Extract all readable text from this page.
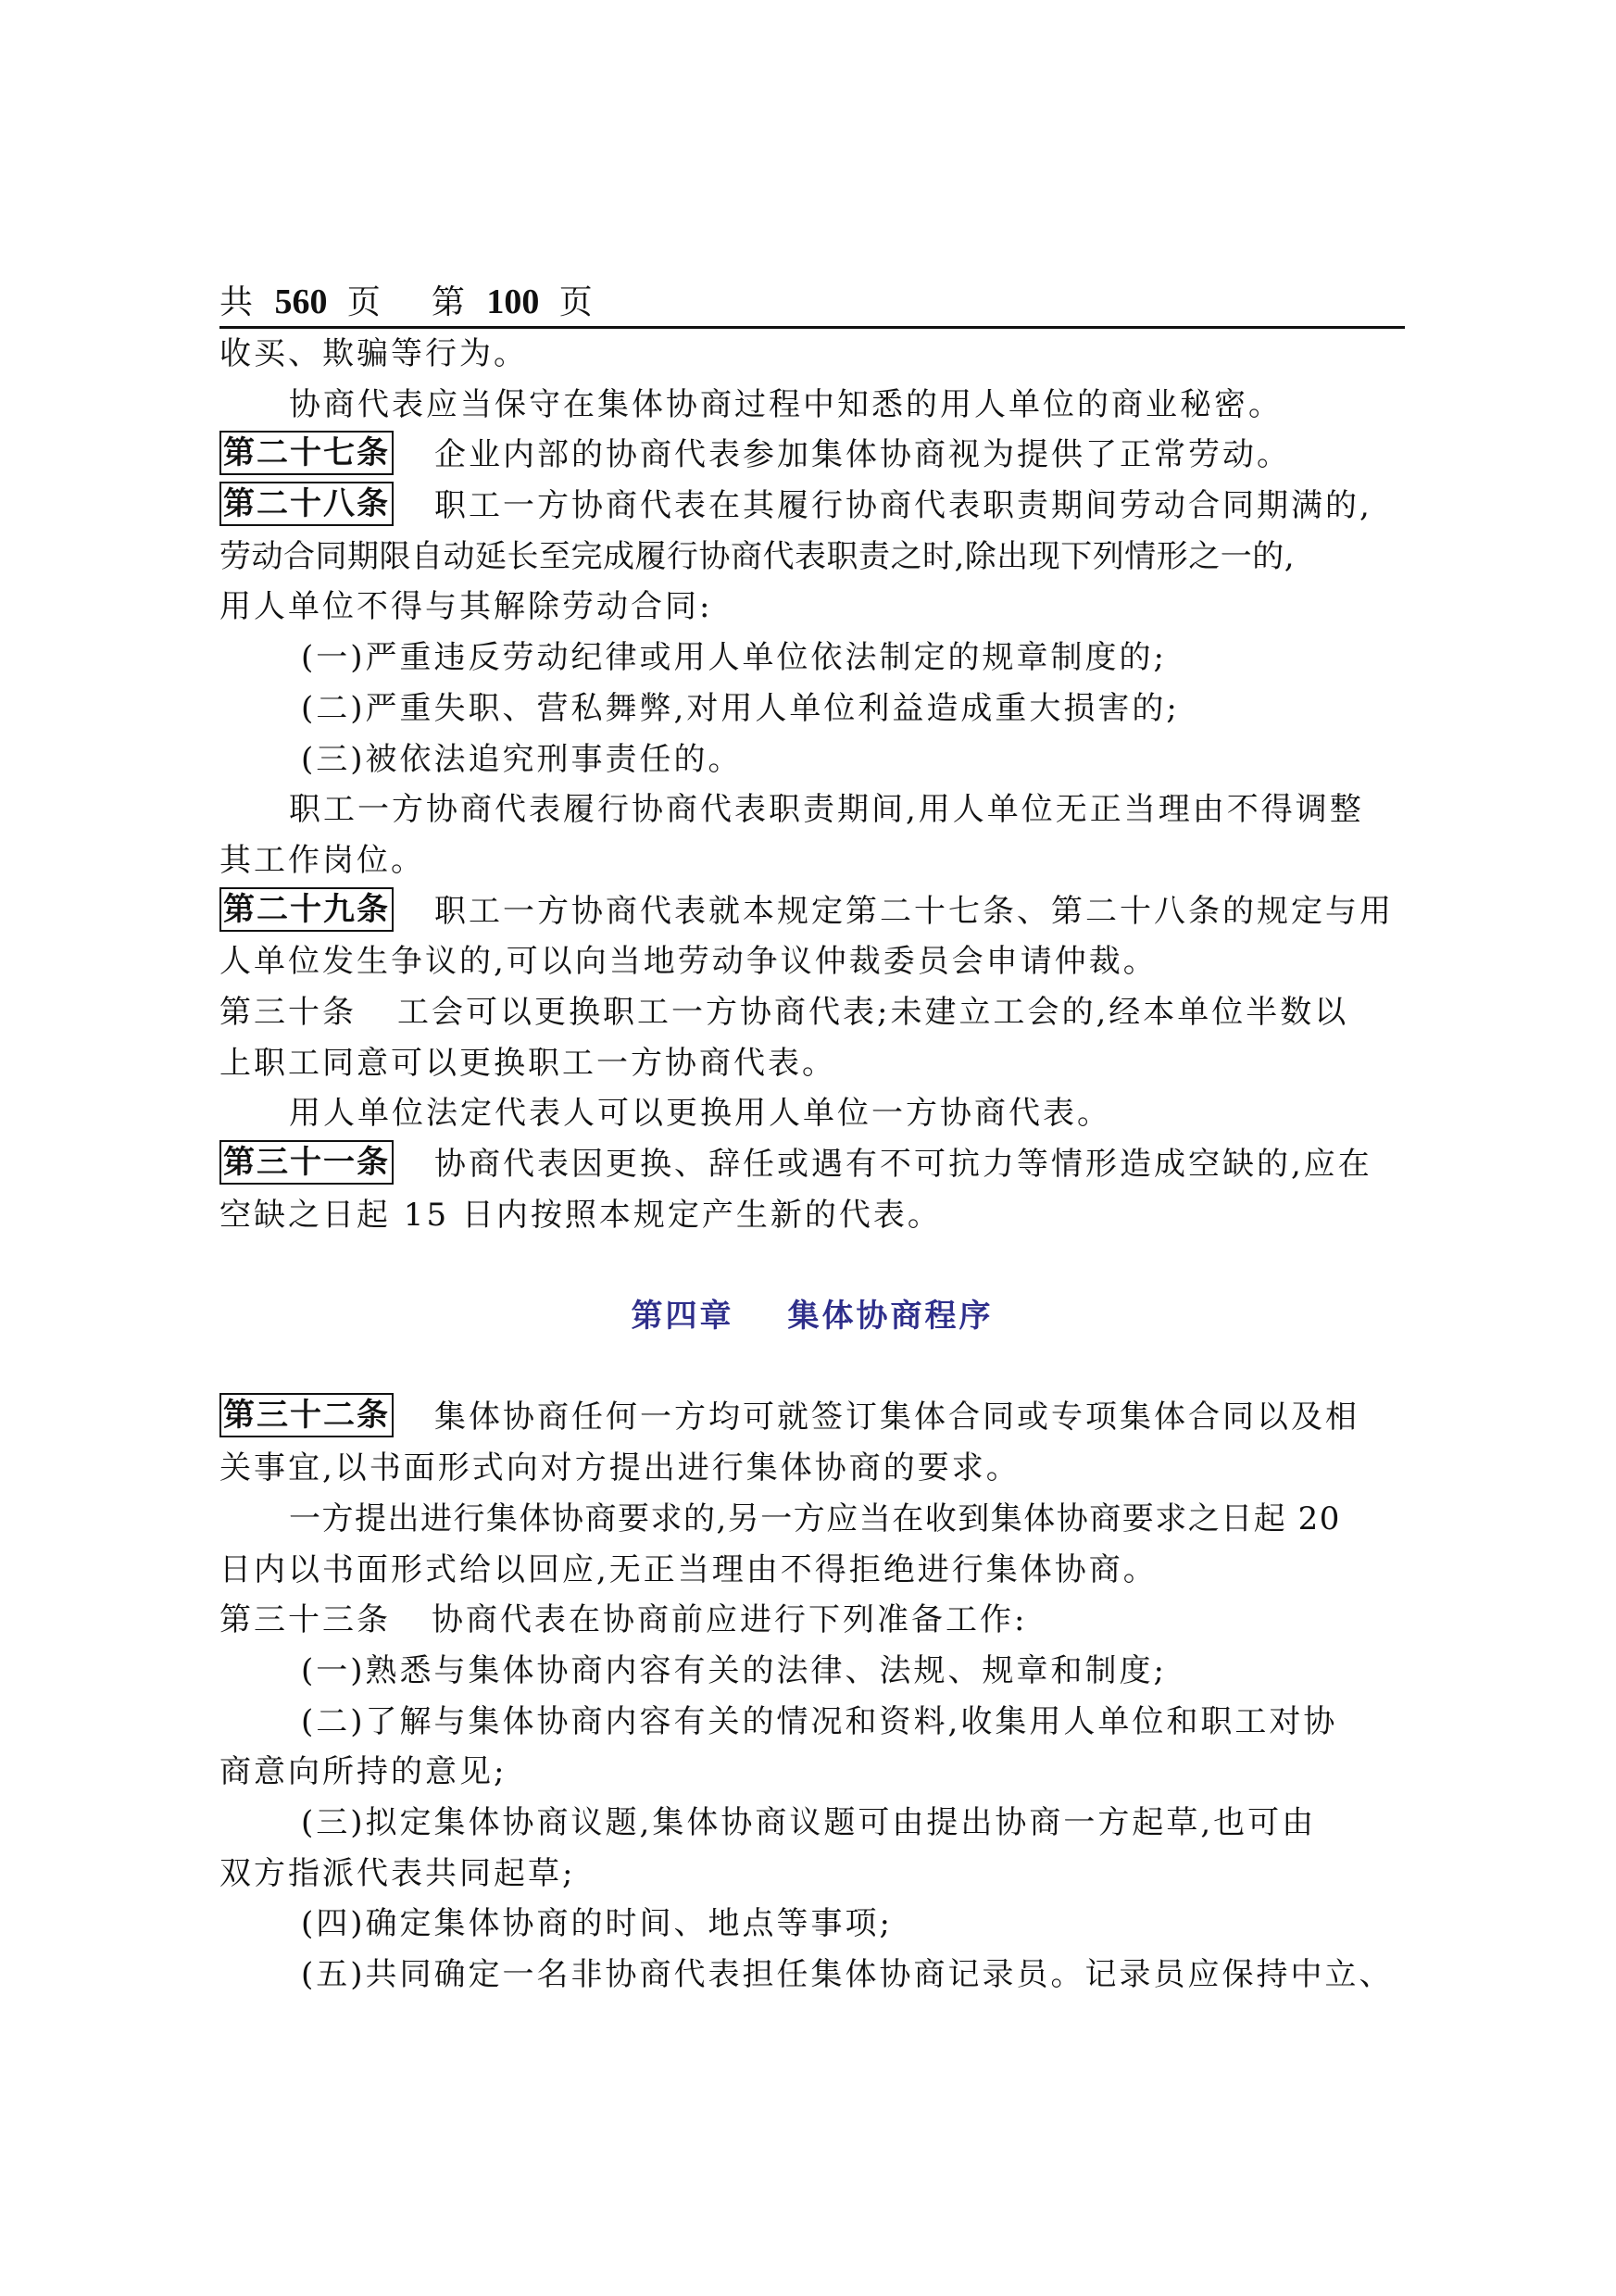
共 560 页 第 100 页
收买、欺骗等行为。
协商代表应当保守在集体协商过程中知悉的用人单位的商业秘密。
第二十七条 企业内部的协商代表参加集体协商视为提供了正常劳动。
第二十八条 职工一方协商代表在其履行协商代表职责期间劳动合同期满的,
劳动合同期限自动延长至完成履行协商代表职责之时,除出现下列情形之一的,
用人单位不得与其解除劳动合同:
(一)严重违反劳动纪律或用人单位依法制定的规章制度的;
(二)严重失职、营私舞弊,对用人单位利益造成重大损害的;
(三)被依法追究刑事责任的。
职工一方协商代表履行协商代表职责期间,用人单位无正当理由不得调整
其工作岗位。
第二十九条 职工一方协商代表就本规定第二十七条、第二十八条的规定与用
人单位发生争议的,可以向当地劳动争议仲裁委员会申请仲裁。
第三十条 工会可以更换职工一方协商代表;未建立工会的,经本单位半数以
上职工同意可以更换职工一方协商代表。
用人单位法定代表人可以更换用人单位一方协商代表。
第三十一条 协商代表因更换、辞任或遇有不可抗力等情形造成空缺的,应在
空缺之日起 15 日内按照本规定产生新的代表。
第四章 集体协商程序
第三十二条 集体协商任何一方均可就签订集体合同或专项集体合同以及相
关事宜,以书面形式向对方提出进行集体协商的要求。
一方提出进行集体协商要求的,另一方应当在收到集体协商要求之日起 20
日内以书面形式给以回应,无正当理由不得拒绝进行集体协商。
第三十三条 协商代表在协商前应进行下列准备工作:
(一)熟悉与集体协商内容有关的法律、法规、规章和制度;
(二)了解与集体协商内容有关的情况和资料,收集用人单位和职工对协
商意向所持的意见;
(三)拟定集体协商议题,集体协商议题可由提出协商一方起草,也可由
双方指派代表共同起草;
(四)确定集体协商的时间、地点等事项;
(五)共同确定一名非协商代表担任集体协商记录员。记录员应保持中立、
